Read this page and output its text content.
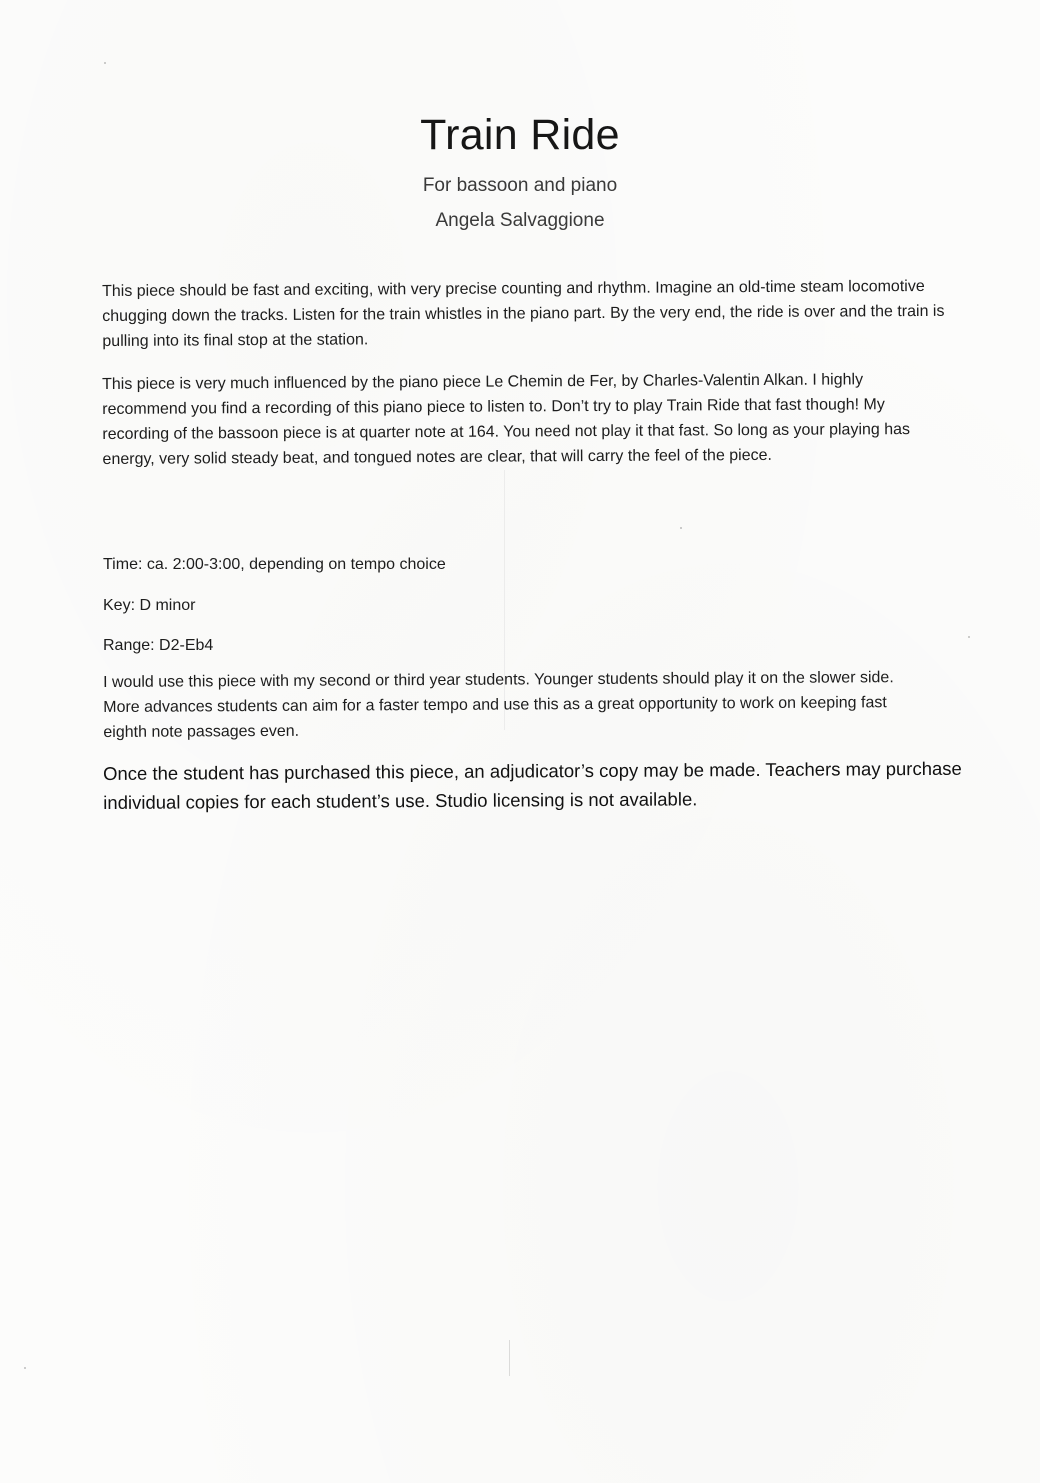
Train Ride

For bassoon and piano

Angela Salvaggione

This piece should be fast and exciting, with very precise counting and rhythm. Imagine an old-time steam locomotive chugging down the tracks. Listen for the train whistles in the piano part. By the very end, the ride is over and the train is pulling into its final stop at the station.

This piece is very much influenced by the piano piece Le Chemin de Fer, by Charles-Valentin Alkan. I highly recommend you find a recording of this piano piece to listen to. Don’t try to play Train Ride that fast though! My recording of the bassoon piece is at quarter note at 164. You need not play it that fast. So long as your playing has energy, very solid steady beat, and tongued notes are clear, that will carry the feel of the piece.

Time: ca. 2:00-3:00, depending on tempo choice

Key: D minor

Range: D2-Eb4

I would use this piece with my second or third year students. Younger students should play it on the slower side. More advances students can aim for a faster tempo and use this as a great opportunity to work on keeping fast eighth note passages even.

Once the student has purchased this piece, an adjudicator’s copy may be made. Teachers may purchase individual copies for each student’s use. Studio licensing is not available.
